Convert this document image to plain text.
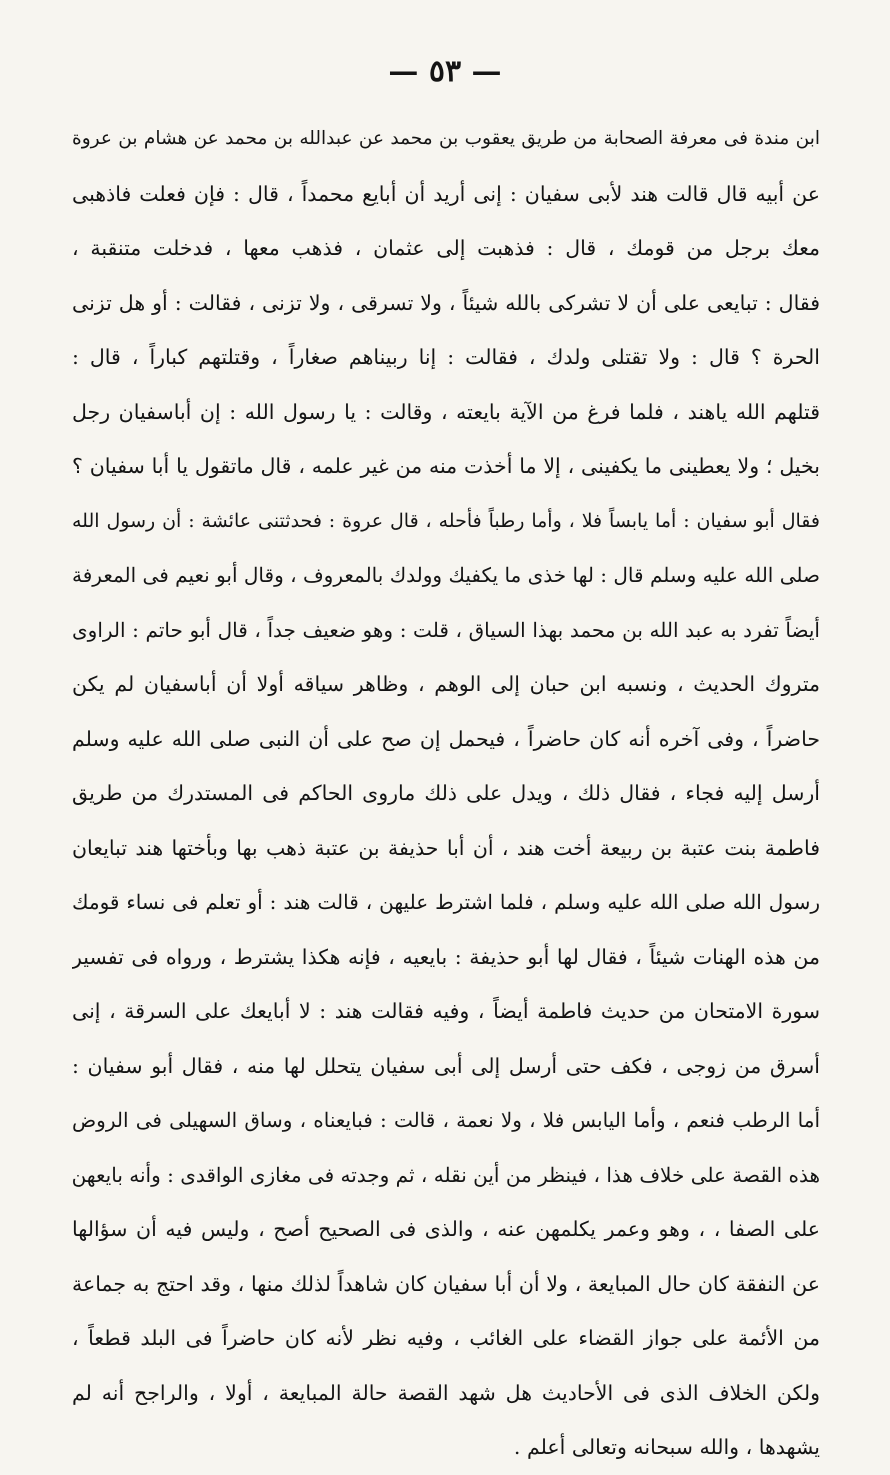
— ٥٣ —
ابن مندة فى معرفة الصحابة من طريق يعقوب بن محمد عن عبدالله بن محمد عن هشام بن عروة
عن أبيه قال قالت هند لأبى سفيان : إنى أريد أن أبايع محمداً ، قال : فإن فعلت فاذهبى
معك برجل من قومك ، قال : فذهبت إلى عثمان ، فذهب معها ، فدخلت متنقبة ،
فقال : تبايعى على أن لا تشركى بالله شيئاً ، ولا تسرقى ، ولا تزنى ، فقالت : أو هل تزنى
الحرة ؟ قال : ولا تقتلى ولدك ، فقالت : إنا ربيناهم صغاراً ، وقتلتهم كباراً ، قال :
قتلهم الله ياهند ، فلما فرغ من الآية بايعته ، وقالت : يا رسول الله : إن أباسفيان رجل
بخيل ؛ ولا يعطينى ما يكفينى ، إلا ما أخذت منه من غير علمه ، قال ماتقول يا أبا سفيان ؟
فقال أبو سفيان : أما يابساً فلا ، وأما رطباً فأحله ، قال عروة : فحدثتنى عائشة : أن رسول الله
صلى الله عليه وسلم قال : لها خذى ما يكفيك وولدك بالمعروف ، وقال أبو نعيم فى المعرفة
أيضاً تفرد به عبد الله بن محمد بهذا السياق ، قلت : وهو ضعيف جداً ، قال أبو حاتم : الراوى
متروك الحديث ، ونسبه ابن حبان إلى الوهم ، وظاهر سياقه أولا أن أباسفيان لم يكن
حاضراً ، وفى آخره أنه كان حاضراً ، فيحمل إن صح على أن النبى صلى الله عليه وسلم
أرسل إليه فجاء ، فقال ذلك ، ويدل على ذلك ماروى الحاكم فى المستدرك من طريق
فاطمة بنت عتبة بن ربيعة أخت هند ، أن أبا حذيفة بن عتبة ذهب بها وبأختها هند تبايعان
رسول الله صلى الله عليه وسلم ، فلما اشترط عليهن ، قالت هند : أو تعلم فى نساء قومك
من هذه الهنات شيئاً ، فقال لها أبو حذيفة : بايعيه ، فإنه هكذا يشترط ، ورواه فى تفسير
سورة الامتحان من حديث فاطمة أيضاً ، وفيه فقالت هند : لا أبايعك على السرقة ، إنى
أسرق من زوجى ، فكف حتى أرسل إلى أبى سفيان يتحلل لها منه ، فقال أبو سفيان :
أما الرطب فنعم ، وأما اليابس فلا ، ولا نعمة ، قالت : فبايعناه ، وساق السهيلى فى الروض
هذه القصة على خلاف هذا ، فينظر من أين نقله ، ثم وجدته فى مغازى الواقدى : وأنه بايعهن
على الصفا ، ، وهو وعمر يكلمهن عنه ، والذى فى الصحيح أصح ، وليس فيه أن سؤالها
عن النفقة كان حال المبايعة ، ولا أن أبا سفيان كان شاهداً لذلك منها ، وقد احتج به جماعة
من الأئمة على جواز القضاء على الغائب ، وفيه نظر لأنه كان حاضراً فى البلد قطعاً ،
ولكن الخلاف الذى فى الأحاديث هل شهد القصة حالة المبايعة ، أولا ، والراجح أنه لم
يشهدها ، والله سبحانه وتعالى أعلم .
